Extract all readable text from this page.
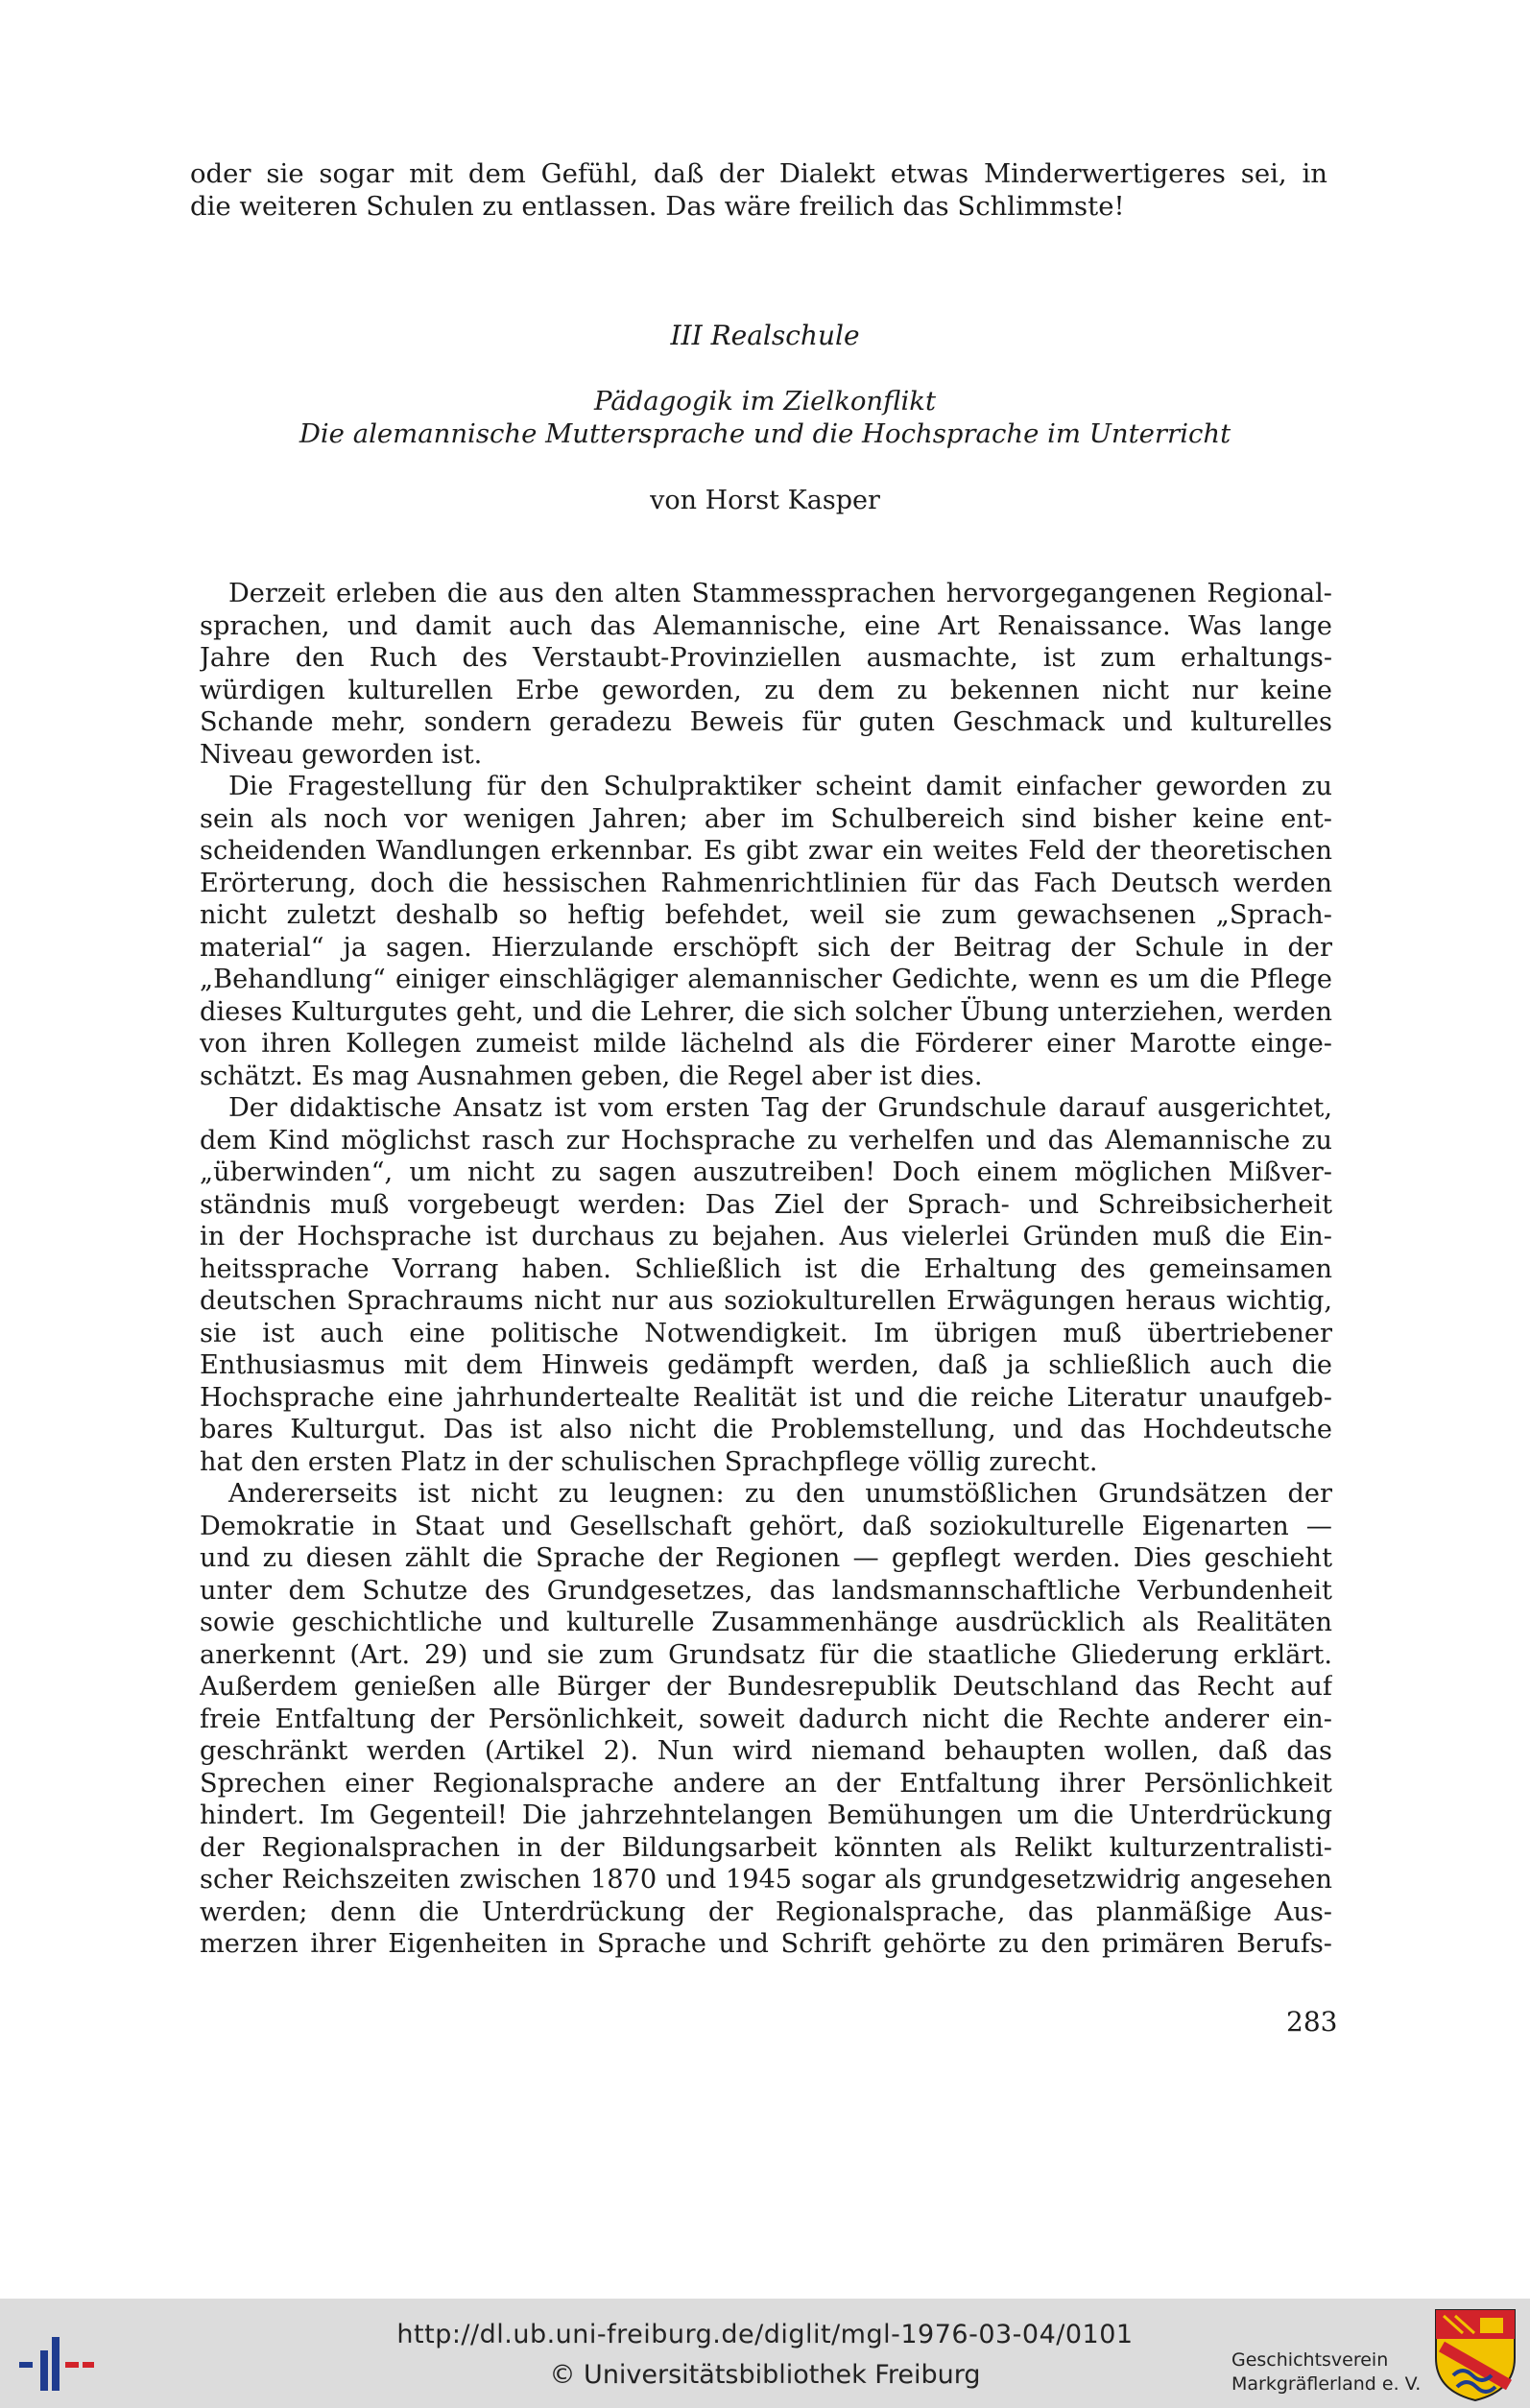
oder sie sogar mit dem Gefühl, daß der Dialekt etwas Minderwertigeres sei, in
die weiteren Schulen zu entlassen. Das wäre freilich das Schlimmste!
III Realschule
Pädagogik im Zielkonflikt
Die alemannische Muttersprache und die Hochsprache im Unterricht
von Horst Kasper
Derzeit erleben die aus den alten Stammessprachen hervorgegangenen Regional-
sprachen, und damit auch das Alemannische, eine Art Renaissance. Was lange
Jahre den Ruch des Verstaubt-Provinziellen ausmachte, ist zum erhaltungs-
würdigen kulturellen Erbe geworden, zu dem zu bekennen nicht nur keine
Schande mehr, sondern geradezu Beweis für guten Geschmack und kulturelles
Niveau geworden ist.
Die Fragestellung für den Schulpraktiker scheint damit einfacher geworden zu
sein als noch vor wenigen Jahren; aber im Schulbereich sind bisher keine ent-
scheidenden Wandlungen erkennbar. Es gibt zwar ein weites Feld der theoretischen
Erörterung, doch die hessischen Rahmenrichtlinien für das Fach Deutsch werden
nicht zuletzt deshalb so heftig befehdet, weil sie zum gewachsenen „Sprach-
material“ ja sagen. Hierzulande erschöpft sich der Beitrag der Schule in der
„Behandlung“ einiger einschlägiger alemannischer Gedichte, wenn es um die Pflege
dieses Kulturgutes geht, und die Lehrer, die sich solcher Übung unterziehen, werden
von ihren Kollegen zumeist milde lächelnd als die Förderer einer Marotte einge-
schätzt. Es mag Ausnahmen geben, die Regel aber ist dies.
Der didaktische Ansatz ist vom ersten Tag der Grundschule darauf ausgerichtet,
dem Kind möglichst rasch zur Hochsprache zu verhelfen und das Alemannische zu
„überwinden“, um nicht zu sagen auszutreiben! Doch einem möglichen Mißver-
ständnis muß vorgebeugt werden: Das Ziel der Sprach- und Schreibsicherheit
in der Hochsprache ist durchaus zu bejahen. Aus vielerlei Gründen muß die Ein-
heitssprache Vorrang haben. Schließlich ist die Erhaltung des gemeinsamen
deutschen Sprachraums nicht nur aus soziokulturellen Erwägungen heraus wichtig,
sie ist auch eine politische Notwendigkeit. Im übrigen muß übertriebener
Enthusiasmus mit dem Hinweis gedämpft werden, daß ja schließlich auch die
Hochsprache eine jahrhundertealte Realität ist und die reiche Literatur unaufgeb-
bares Kulturgut. Das ist also nicht die Problemstellung, und das Hochdeutsche
hat den ersten Platz in der schulischen Sprachpflege völlig zurecht.
Andererseits ist nicht zu leugnen: zu den unumstößlichen Grundsätzen der
Demokratie in Staat und Gesellschaft gehört, daß soziokulturelle Eigenarten —
und zu diesen zählt die Sprache der Regionen — gepflegt werden. Dies geschieht
unter dem Schutze des Grundgesetzes, das landsmannschaftliche Verbundenheit
sowie geschichtliche und kulturelle Zusammenhänge ausdrücklich als Realitäten
anerkennt (Art. 29) und sie zum Grundsatz für die staatliche Gliederung erklärt.
Außerdem genießen alle Bürger der Bundesrepublik Deutschland das Recht auf
freie Entfaltung der Persönlichkeit, soweit dadurch nicht die Rechte anderer ein-
geschränkt werden (Artikel 2). Nun wird niemand behaupten wollen, daß das
Sprechen einer Regionalsprache andere an der Entfaltung ihrer Persönlichkeit
hindert. Im Gegenteil! Die jahrzehntelangen Bemühungen um die Unterdrückung
der Regionalsprachen in der Bildungsarbeit könnten als Relikt kulturzentralisti-
scher Reichszeiten zwischen 1870 und 1945 sogar als grundgesetzwidrig angesehen
werden; denn die Unterdrückung der Regionalsprache, das planmäßige Aus-
merzen ihrer Eigenheiten in Sprache und Schrift gehörte zu den primären Berufs-
283
http://dl.ub.uni-freiburg.de/diglit/mgl-1976-03-04/0101
© Universitätsbibliothek Freiburg	Geschichtsverein
Markgräflerland e. V.
